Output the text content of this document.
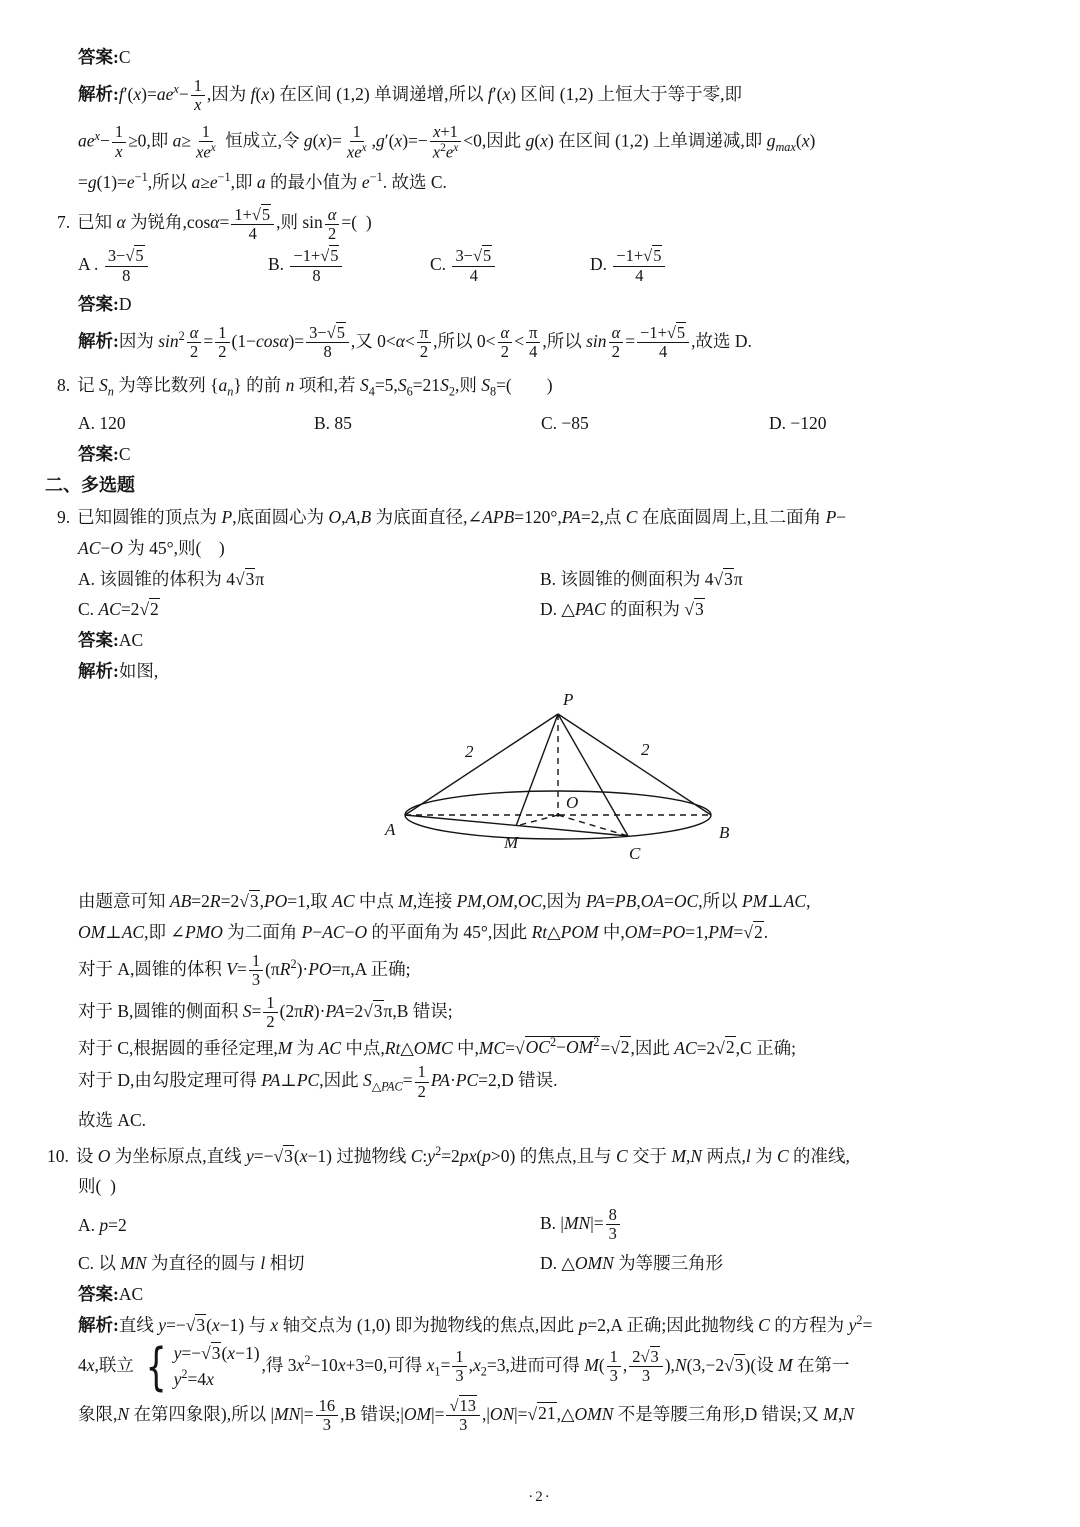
答案:C
解析$:f'(x)=ae^x- \frac{1}{x}$ ,因为 f(x) 在区间 (1,2) 单调递增,所以 f′(x) 区间 (1,2) 上恒大于等于零,即
$ae^x- \frac{1}{x} \ge 0$,即 a≥ 1
$xe^x$ 恒成立,令 g(x)= 1
$xe^x$ $,g'(x)=- \frac{x+1}{x^2e^x} <0$,因此 g(x) 在区间 (1,2) 上单调递减,即 $g_{max}(x)$
$=g(1)=e^{-1}$,所以 $a\ge e^{-1}$,即 a 的最小值为 $e^{-1}$. 故选 C.
7. 已知 α 为锐角$,\cos\alpha= \frac{1+√5}{4}$ ,则 $\sin \frac{\alpha}{2}$ =( )
A . $\frac{3-√5}{8}$	B. $\frac{-1+√5}{8}$	C. $\frac{3-√5}{4}$	D. $\frac{-1+√5}{4}$
答案:D
解析:因为 $\sin^2 \frac{\alpha}{2} = \frac{1}{2} (1-\cos\alpha)= \frac{3-√5}{8}$ ,又 $0<\alpha< \frac{\pi}{2}$ ,所以 $0< \frac{\alpha}{2} < \frac{\pi}{4}$ ,所以 $\sin \frac{\alpha}{2} = \frac{-1+√5}{4}$ ,故选 D.
8. 记 $S_n$ 为等比数列 $\{a_n\}$ 的前 n 项和,若 $S_4=5,S_6=21S_2$,则 $S_8=$(  )
A. 120	B. 85	C. −85	D. −120
答案:C
二、多选题
9. 已知圆锥的顶点为 P,底面圆心为 O,A,B 为底面直径,∠APB=120°,PA=2,点 C 在底面圆周上,且二面角 P−
AC−O 为 45°,则( )
A. 该圆锥的体积为 4√3π	B. 该圆锥的侧面积为 4√3π
C. AC=2√2	D. △PAC 的面积为 √3
答案:AC
解析:如图,
P
2	2
O
A	B
M
C
由题意可知 AB=2R=2√3,PO=1,取 AC 中点 M,连接 PM,OM,OC,因为 PA=PB,OA=OC,所以 PM⊥AC,
OM⊥AC,即 ∠PMO 为二面角 P−AC−O 的平面角为 45°,因此 Rt△POM 中,OM=PO=1,PM=√2.
对于 A,圆锥的体积 $V= \frac{1}{3} (\pi R^2)\cdot PO=\pi,A$ 正确;
对于 B,圆锥的侧面积 $S= \frac{1}{2} (2\pi R)\cdot PA=2√3\pi,B$ 错误;
对于 C,根据圆的垂径定理,M 为 AC 中点,Rt△OMC 中$,MC=√OC^2-OM^2=√2$,因此 AC=2√2,C 正确;
对于 D,由勾股定理可得 PA⊥PC,因此 $S_{\triangle PAC}= \frac{1}{2} PA\cdot PC=2,D$ 错误.
故选 AC.
10. 设 O 为坐标原点,直线 y=−√3(x−1) 过抛物线 $C:y^2=2px(p>0)$ 的焦点,且与 C 交于 M,N 两点,l 为 C 的准线,
则( )
A. p=2	B. $|MN|= \frac{8}{3}$
C. 以 MN 为直径的圆与 l 相切	D. △OMN 为等腰三角形
答案:AC
解析:直线 y=−√3(x−1) 与 x 轴交点为 (1,0) 即为抛物线的焦点,因此 p=2,A 正确;因此抛物线 C 的方程为 $y^2=$
4x,联立 { y=−√3(x−1)
$y^2=4x$
,得 $3x^2-10x+3=0$,可得 $x_1= \frac{1}{3} ,x_2=3$,进而可得 $M( \frac{1}{3}$ , $\frac{2√3}{3} ),N(3,-2√3)$(设 M 在第一
象限,N 在第四象限),所以 $|MN|= \frac{16}{3} ,B$ 错误;|OM|= $\frac{√13}{3}$ ,|ON|=√21,△OMN 不是等腰三角形,D 错误;又 M,N
·2·
